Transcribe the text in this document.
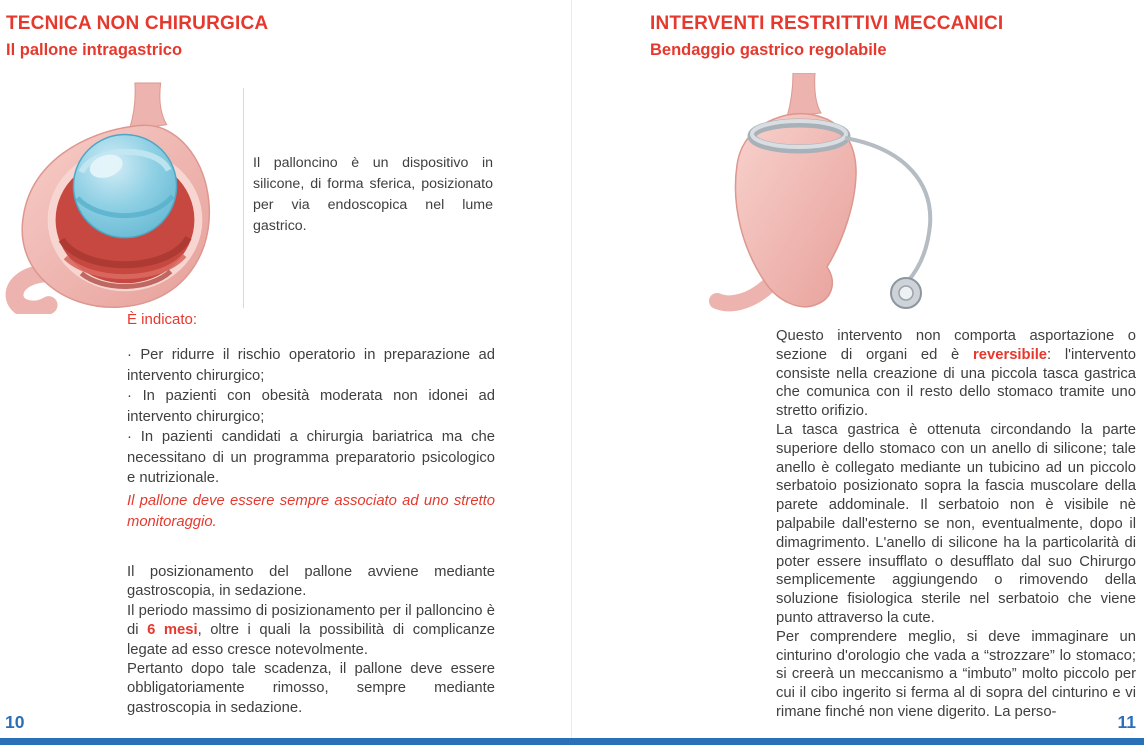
TECNICA NON CHIRURGICA
Il pallone intragastrico

Il palloncino è un dispositivo in silicone, di forma sferica, posizionato per via endoscopica nel lume gastrico.

È indicato:

· Per ridurre il rischio operatorio in preparazione ad intervento chirurgico;

· In pazienti con obesità moderata non idonei ad intervento chirurgico;

· In pazienti candidati a chirurgia bariatrica ma che necessitano di un programma preparatorio psicologico e nutrizionale.

Il pallone deve essere sempre associato ad uno stretto monitoraggio.

Il posizionamento del pallone avviene mediante gastroscopia, in sedazione.

Il periodo massimo di posizionamento per il palloncino è di 6 mesi, oltre i quali la possibilità di complicanze legate ad esso cresce notevolmente.

Pertanto dopo tale scadenza, il pallone deve essere obbligatoriamente rimosso, sempre mediante gastroscopia in sedazione.

10
INTERVENTI RESTRITTIVI MECCANICI
Bendaggio gastrico regolabile

Questo intervento non comporta asportazione o sezione di organi ed è reversibile: l'intervento consiste nella creazione di una piccola tasca gastrica che comunica con il resto dello stomaco tramite uno stretto orifizio.

La tasca gastrica è ottenuta circondando la parte superiore dello stomaco con un anello di silicone; tale anello è collegato mediante un tubicino ad un piccolo serbatoio posizionato sopra la fascia muscolare della parete addominale. Il serbatoio non è visibile nè palpabile dall'esterno se non, eventualmente, dopo il dimagrimento. L'anello di silicone ha la particolarità di poter essere insufflato o desufflato dal suo Chirurgo semplicemente aggiungendo o rimovendo della soluzione fisiologica sterile nel serbatoio che viene punto attraverso la cute.

Per comprendere meglio, si deve immaginare un cinturino d'orologio che vada a “strozzare” lo stomaco; si creerà un meccanismo a “imbuto” molto piccolo per cui il cibo ingerito si ferma al di sopra del cinturino e vi rimane finché non viene digerito. La perso-

11
